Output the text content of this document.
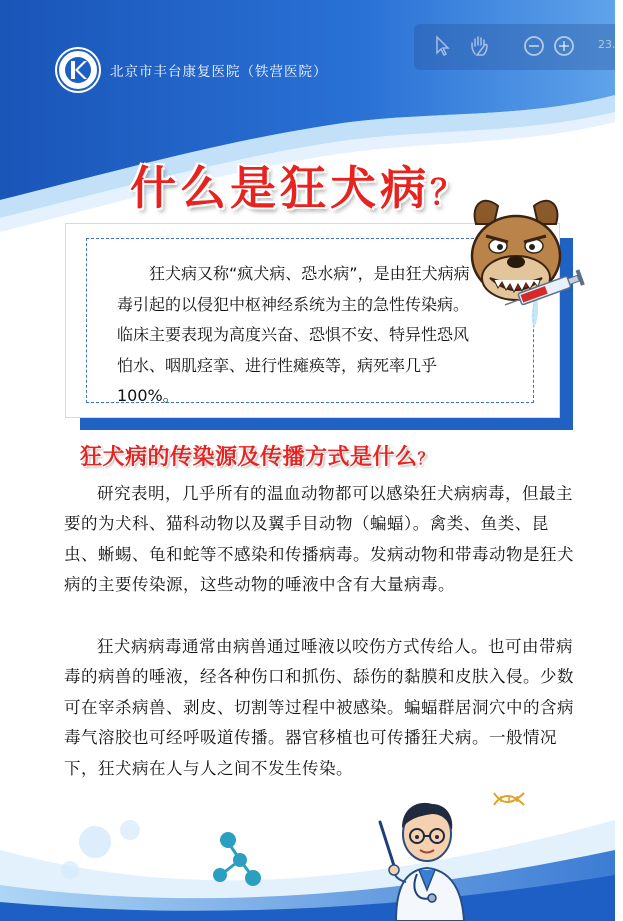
北京市丰台康复医院（铁营医院）
23.5
什么是狂犬病？

狂犬病又称“疯犬病、恐水病”，是由狂犬病病毒引起的以侵犯中枢神经系统为主的急性传染病。临床主要表现为高度兴奋、恐惧不安、特异性恐风怕水、咽肌痉挛、进行性瘫痪等，病死率几乎100%。

狂犬病的传染源及传播方式是什么？

研究表明，几乎所有的温血动物都可以感染狂犬病病毒，但最主要的为犬科、猫科动物以及翼手目动物（蝙蝠）。禽类、鱼类、昆虫、蜥蜴、龟和蛇等不感染和传播病毒。发病动物和带毒动物是狂犬病的主要传染源，这些动物的唾液中含有大量病毒。

狂犬病病毒通常由病兽通过唾液以咬伤方式传给人。也可由带病毒的病兽的唾液，经各种伤口和抓伤、舔伤的黏膜和皮肤入侵。少数可在宰杀病兽、剥皮、切割等过程中被感染。蝙蝠群居洞穴中的含病毒气溶胶也可经呼吸道传播。器官移植也可传播狂犬病。一般情况下，狂犬病在人与人之间不发生传染。
